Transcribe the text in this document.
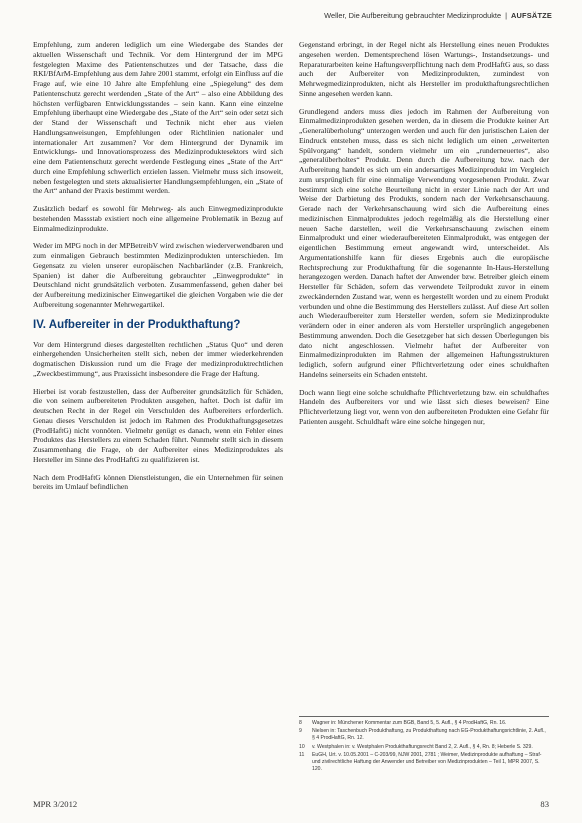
Weller, Die Aufbereitung gebrauchter Medizinprodukte | AUFSÄTZE

Empfehlung, zum anderen lediglich um eine Wiedergabe des Standes der aktuellen Wissenschaft und Technik. Vor dem Hintergrund der im MPG festgelegten Maxime des Patientenschutzes und der Tatsache, dass die RKI/BfArM-Empfehlung aus dem Jahre 2001 stammt, erfolgt ein Einfluss auf die Frage auf, wie eine 10 Jahre alte Empfehlung eine „Spiegelung“ des dem Patientenschutz gerecht werdenden „State of the Art“ – also eine Abbildung des höchsten verfügbaren Entwicklungsstandes – sein kann. Kann eine einzelne Empfehlung überhaupt eine Wiedergabe des „State of the Art“ sein oder setzt sich der Stand der Wissenschaft und Technik nicht eher aus vielen Handlungsanweisungen, Empfehlungen oder Richtlinien nationaler und internationaler Art zusammen? Vor dem Hintergrund der Dynamik im Entwicklungs- und Innovationsprozess des Medizinproduktesektors wird sich eine dem Patientenschutz gerecht werdende Festlegung eines „State of the Art“ durch eine Empfehlung schwerlich erzielen lassen. Vielmehr muss sich insoweit, neben festgelegten und stets aktualisierter Handlungsempfehlungen, ein „State of the Art“ anhand der Praxis bestimmt werden.

Zusätzlich bedarf es sowohl für Mehrweg- als auch Einwegmedizinprodukte bestehenden Massstab existiert noch eine allgemeine Problematik in Bezug auf Einmalmedizinprodukte.

Weder im MPG noch in der MPBetreibV wird zwischen wiederverwendbaren und zum einmaligen Gebrauch bestimmten Medizinprodukten unterschieden. Im Gegensatz zu vielen unserer europäischen Nachbarländer (z.B. Frankreich, Spanien) ist daher die Aufbereitung gebrauchter „Einwegprodukte“ in Deutschland nicht grundsätzlich verboten. Zusammenfassend, gehen daher bei der Aufbereitung medizinischer Einwegartikel die gleichen Vorgaben wie die der Aufbereitung sogenannter Mehrwegartikel.

IV. Aufbereiter in der Produkthaftung?

Vor dem Hintergrund dieses dargestellten rechtlichen „Status Quo“ und deren einhergehenden Unsicherheiten stellt sich, neben der immer wiederkehrenden dogmatischen Diskussion rund um die Frage der medizinproduktrechtlichen „Zweckbestimmung“, aus Praxissicht insbesondere die Frage der Haftung.

Hierbei ist vorab festzustellen, dass der Aufbereiter grundsätzlich für Schäden, die von seinem aufbereiteten Produkten ausgehen, haftet. Doch ist dafür im deutschen Recht in der Regel ein Verschulden des Aufbereiters erforderlich. Genau dieses Verschulden ist jedoch im Rahmen des Produkthaftungsgesetzes (ProdHaftG) nicht vonnöten. Vielmehr genügt es danach, wenn ein Fehler eines Produktes das Herstellers zu einem Schaden führt. Nunmehr stellt sich in diesem Zusammenhang die Frage, ob der Aufbereiter eines Medizinproduktes als Hersteller im Sinne des ProdHaftG zu qualifizieren ist.

Nach dem ProdHaftG können Dienstleistungen, die ein Unternehmen für seinen bereits im Umlauf befindlichen

Gegenstand erbringt, in der Regel nicht als Herstellung eines neuen Produktes angesehen werden. Dementsprechend lösen Wartungs-, Instandsetzungs- und Reparaturarbeiten keine Haftungsverpflichtung nach dem ProdHaftG aus, so dass auch der Aufbereiter von Medizinprodukten, zumindest von Mehrwegmedizinprodukten, nicht als Hersteller im produkthaftungsrechtlichen Sinne angesehen werden kann.

Grundlegend anders muss dies jedoch im Rahmen der Aufbereitung von Einmalmedizinprodukten gesehen werden, da in diesem die Produkte keiner Art „Generalüberholung“ unterzogen werden und auch für den juristischen Laien der Eindruck entstehen muss, dass es sich nicht lediglich um einen „erweiterten Spülvorgang“ handelt, sondern vielmehr um ein „runderneuertes“, also „generalüberholtes“ Produkt. Denn durch die Aufbereitung bzw. nach der Aufbereitung handelt es sich um ein andersartiges Medizinprodukt im Vergleich zum ursprünglich für eine einmalige Verwendung vorgesehenen Produkt. Zwar bestimmt sich eine solche Beurteilung nicht in erster Linie nach der Art und Weise der Darbietung des Produkts, sondern nach der Verkehrsanschauung. Gerade nach der Verkehrsanschauung wird sich die Aufbereitung eines medizinischen Einmalproduktes jedoch regelmäßig als die Herstellung einer neuen Sache darstellen, weil die Verkehrsanschauung zwischen einem Einmalprodukt und einer wiederaufbereiteten Einmalprodukt, was entgegen der eigentlichen Bestimmung erneut angewandt wird, unterscheidet. Als Argumentationshilfe kann für dieses Ergebnis auch die europäische Rechtsprechung zur Produkthaftung für die sogenannte In-Haus-Herstellung herangezogen werden. Danach haftet der Anwender bzw. Betreiber gleich einem Hersteller für Schäden, sofern das verwendete Teilprodukt zuvor in einem zweckändernden Zustand war, wenn es hergestellt worden und zu einem Produkt verbunden und ohne die Bestimmung des Herstellers zulässt. Auf diese Art sollen auch Wiederaufbereiter zum Hersteller werden, sofern sie Medizinprodukte verändern oder in einer anderen als vom Hersteller ursprünglich angegebenen Bestimmung anwenden. Doch die Gesetzgeber hat sich dessen Überlegungen bis dato nicht angeschlossen. Vielmehr haftet der Aufbereiter von Einmalmedizinprodukten im Rahmen der allgemeinen Haftungsstrukturen lediglich, sofern aufgrund einer Pflichtverletzung oder eines schuldhaften Handelns seinerseits ein Schaden entsteht.

Doch wann liegt eine solche schuldhafte Pflichtverletzung bzw. ein schuldhaftes Handeln des Aufbereiters vor und wie lässt sich dieses beweisen? Eine Pflichtverletzung liegt vor, wenn von den aufbereiteten Produkten eine Gefahr für Patienten ausgeht. Schuldhaft wäre eine solche hingegen nur,

8	Wagner in: Münchener Kommentar zum BGB, Band 5, 5. Aufl., § 4 ProdHaftG, Rn. 16.
9	Nielsen in: Taschenbuch Produkthaftung, zu Produkthaftung nach EG-Produkthaftungsrichtlinie, 2. Aufl., § 4 ProdHaftG, Rn. 12.
10	v. Westphalen in: v. Westphalen Produkthaftungsrecht Band 2, 2. Aufl., § 4, Rn. 8; Heberle S. 329.
11	EuGH, Urt. v. 10.05.2001 – C-203/99, NJW 2001, 2781 ; Weimer, Medizinprodukte aufhaftung – Straf- und zivilrechtliche Haftung der Anwender und Betreiber von Medizinprodukten – Teil 1, MPR 2007, S. 120.
MPR 3/2012	83
